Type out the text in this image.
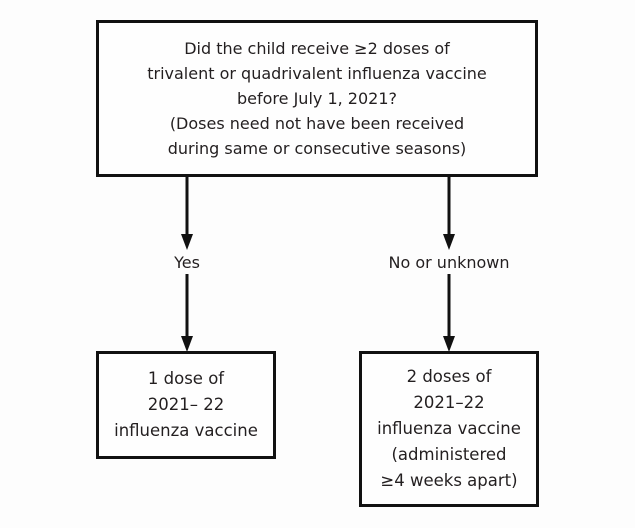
Did the child receive ≥2 doses of
trivalent or quadrivalent influenza vaccine
before July 1, 2021?
(Doses need not have been received
during same or consecutive seasons)
Yes	No or unknown
1 dose of
2021– 22
influenza vaccine
2 doses of
2021–22
influenza vaccine
(administered
≥4 weeks apart)
